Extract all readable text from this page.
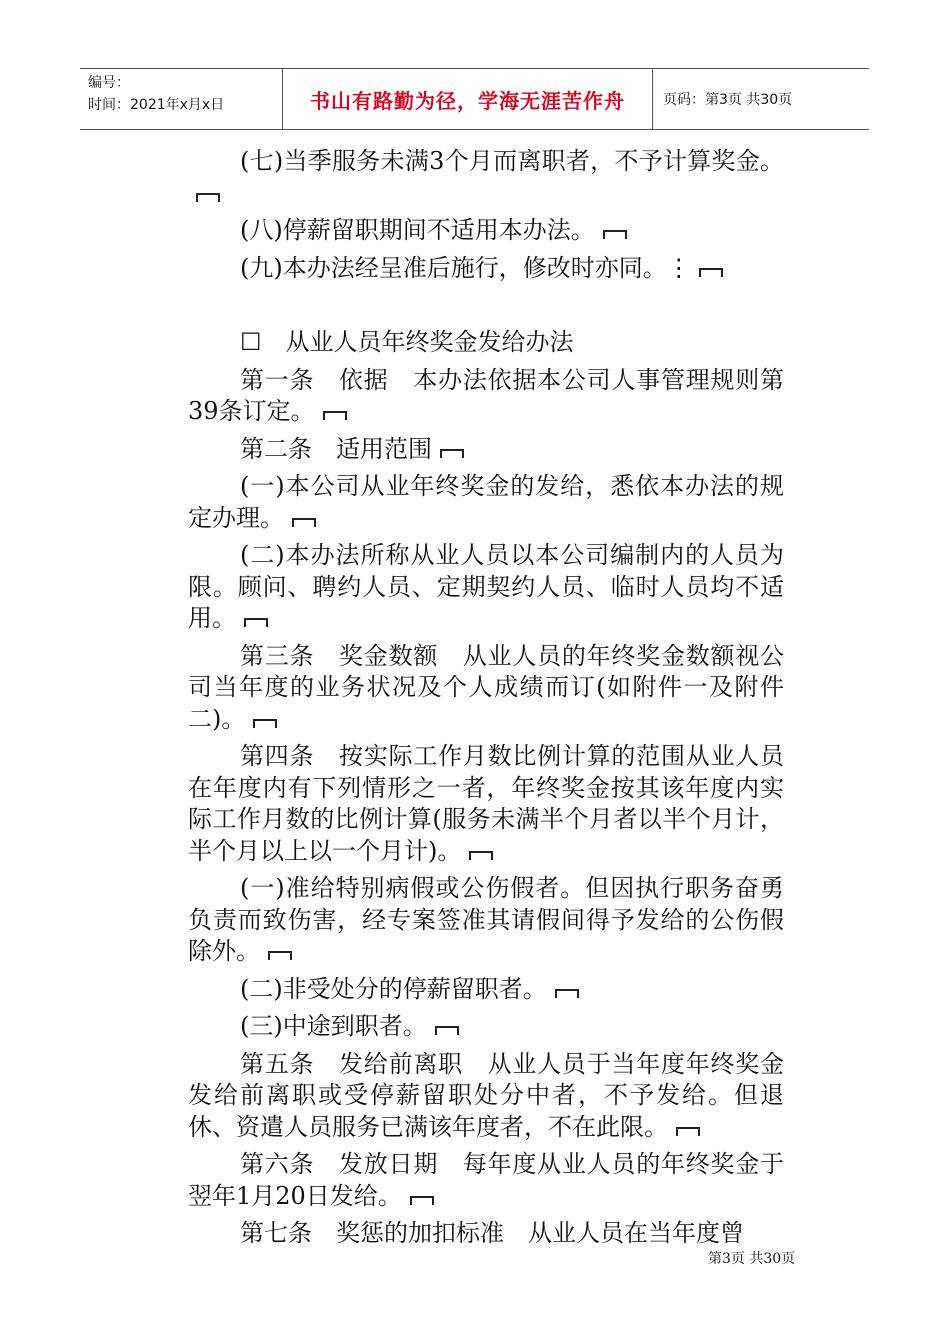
编号：
时间：2021年x月x日	书山有路勤为径，学海无涯苦作舟	页码：第3页 共30页

(七)当季服务未满3个月而离职者，不予计算奖金。

(八)停薪留职期间不适用本办法。

(九)本办法经呈准后施行，修改时亦同。⋮

☐　从业人员年终奖金发给办法

第一条　依据　本办法依据本公司人事管理规则第39条订定。

第二条　适用范围

(一)本公司从业年终奖金的发给，悉依本办法的规定办理。

(二)本办法所称从业人员以本公司编制内的人员为限。顾问、聘约人员、定期契约人员、临时人员均不适用。

第三条　奖金数额　从业人员的年终奖金数额视公司当年度的业务状况及个人成绩而订(如附件一及附件二)。

第四条　按实际工作月数比例计算的范围从业人员在年度内有下列情形之一者，年终奖金按其该年度内实际工作月数的比例计算(服务未满半个月者以半个月计，半个月以上以一个月计)。

(一)准给特别病假或公伤假者。但因执行职务奋勇负责而致伤害，经专案签准其请假间得予发给的公伤假除外。

(二)非受处分的停薪留职者。

(三)中途到职者。

第五条　发给前离职　从业人员于当年度年终奖金发给前离职或受停薪留职处分中者，不予发给。但退休、资遣人员服务已满该年度者，不在此限。

第六条　发放日期　每年度从业人员的年终奖金于翌年1月20日发给。

第七条　奖惩的加扣标准　从业人员在当年度曾

第3页 共30页
